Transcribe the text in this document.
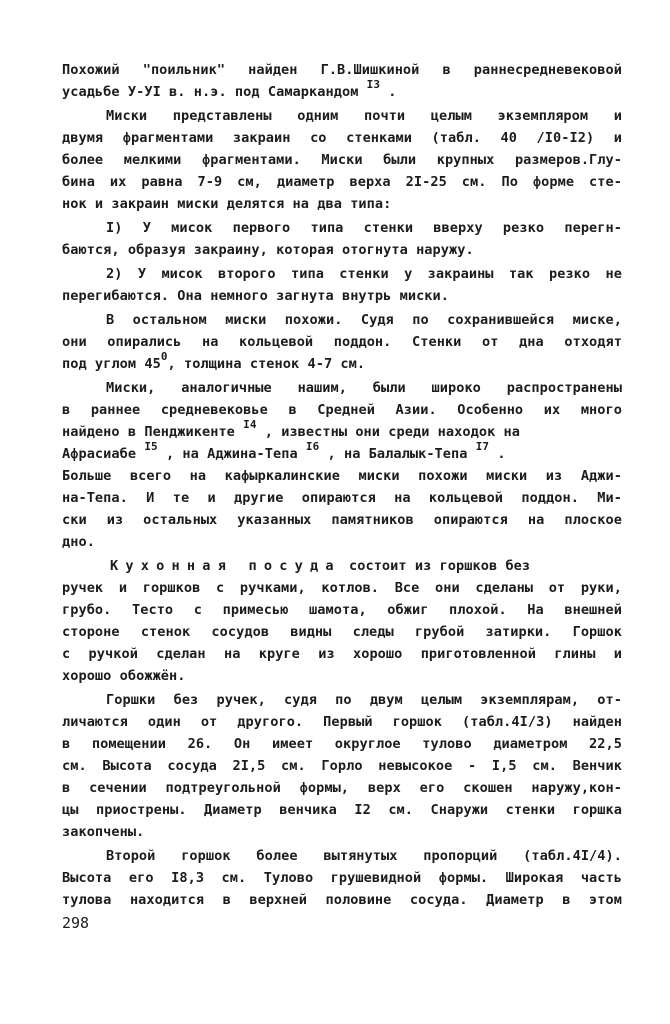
Похожий "поильник" найден Г.В.Шишкиной в раннесредневековой
усадьбе У-УI в. н.э. под Самаркандом $^{I3}$ .
Миски представлены одним почти целым экземпляром и
двумя фрагментами закраин со стенками (табл. 40 /I0-I2) и
более мелкими фрагментами. Миски были крупных размеров.Глу-
бина их равна 7-9 см, диаметр верха 2I-25 см. По форме сте-
нок и закраин миски делятся на два типа:
I) У мисок первого типа стенки вверху резко перегн-
баются, образуя закраину, которая отогнута наружу.
2) У мисок второго типа стенки у закраины так резко не
перегибаются. Она немного загнута внутрь миски.
В остальном миски похожи. Судя по сохранившейся миске,
они опирались на кольцевой поддон. Стенки от дна отходят
под углом $45^0$, толщина стенок 4-7 см.
Миски, аналогичные нашим, были широко распространены
в раннее средневековье в Средней Азии. Особенно их много
найдено в Пенджикенте $^{I4}$ , известны они среди находок на
Афрасиабе $^{I5}$ , на Аджина-Тепа $^{I6}$ , на Балалык-Тепа $^{I7}$ .
Больше всего на кафыркалинские миски похожи миски из Аджи-
на-Тепа. И те и другие опираются на кольцевой поддон. Ми-
ски из остальных указанных памятников опираются на плоское
дно.
Кухонная посуда состоит из горшков без
ручек и горшков с ручками, котлов. Все они сделаны от руки,
грубо. Тесто с примесью шамота, обжиг плохой. На внешней
стороне стенок сосудов видны следы грубой затирки. Горшок
с ручкой сделан на круге из хорошо приготовленной глины и
хорошо обожжён.
Горшки без ручек, судя по двум целым экземплярам, от-
личаются один от другого. Первый горшок (табл.4I/3) найден
в помещении 26. Он имеет округлое тулово диаметром 22,5
см. Высота сосуда 2I,5 см. Горло невысокое - I,5 см. Венчик
в сечении подтреугольной формы, верх его скошен наружу,кон-
цы приострены. Диаметр венчика I2 см. Снаружи стенки горшка
закопчены.
Второй горшок более вытянутых пропорций (табл.4I/4).
Высота его I8,3 см. Тулово грушевидной формы. Широкая часть
тулова находится в верхней половине сосуда. Диаметр в этом
298
